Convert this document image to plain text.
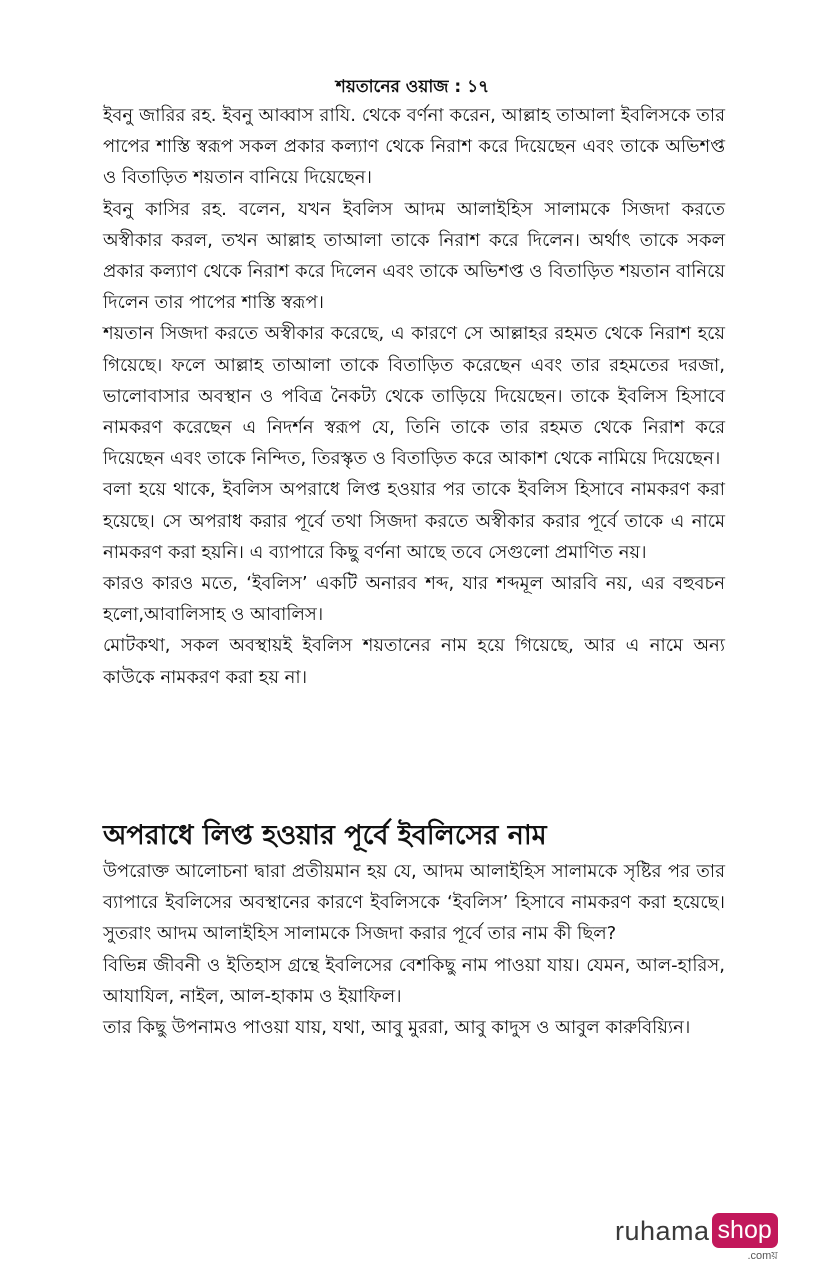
শয়তানের ওয়াজ : ১৭

ইবনু জারির রহ. ইবনু আব্বাস রাযি. থেকে বর্ণনা করেন, আল্লাহ তাআলা ইবলিসকে তার পাপের শাস্তি স্বরূপ সকল প্রকার কল্যাণ থেকে নিরাশ করে দিয়েছেন এবং তাকে অভিশপ্ত ও বিতাড়িত শয়তান বানিয়ে দিয়েছেন।

ইবনু কাসির রহ. বলেন, যখন ইবলিস আদম আলাইহিস সালামকে সিজদা করতে অস্বীকার করল, তখন আল্লাহ তাআলা তাকে নিরাশ করে দিলেন। অর্থাৎ তাকে সকল প্রকার কল্যাণ থেকে নিরাশ করে দিলেন এবং তাকে অভিশপ্ত ও বিতাড়িত শয়তান বানিয়ে দিলেন তার পাপের শাস্তি স্বরূপ।

শয়তান সিজদা করতে অস্বীকার করেছে, এ কারণে সে আল্লাহর রহমত থেকে নিরাশ হয়ে গিয়েছে। ফলে আল্লাহ তাআলা তাকে বিতাড়িত করেছেন এবং তার রহমতের দরজা, ভালোবাসার অবস্থান ও পবিত্র নৈকট্য থেকে তাড়িয়ে দিয়েছেন। তাকে ইবলিস হিসাবে নামকরণ করেছেন এ নিদর্শন স্বরূপ যে, তিনি তাকে তার রহমত থেকে নিরাশ করে দিয়েছেন এবং তাকে নিন্দিত, তিরস্কৃত ও বিতাড়িত করে আকাশ থেকে নামিয়ে দিয়েছেন।

বলা হয়ে থাকে, ইবলিস অপরাধে লিপ্ত হওয়ার পর তাকে ইবলিস হিসাবে নামকরণ করা হয়েছে। সে অপরাধ করার পূর্বে তথা সিজদা করতে অস্বীকার করার পূর্বে তাকে এ নামে নামকরণ করা হয়নি। এ ব্যাপারে কিছু বর্ণনা আছে তবে সেগুলো প্রমাণিত নয়।

কারও কারও মতে, ‘ইবলিস’ একটি অনারব শব্দ, যার শব্দমূল আরবি নয়, এর বহুবচন হলো,আবালিসাহ ও আবালিস।

মোটকথা, সকল অবস্থায়ই ইবলিস শয়তানের নাম হয়ে গিয়েছে, আর এ নামে অন্য কাউকে নামকরণ করা হয় না।

অপরাধে লিপ্ত হওয়ার পূর্বে ইবলিসের নাম

উপরোক্ত আলোচনা দ্বারা প্রতীয়মান হয় যে, আদম আলাইহিস সালামকে সৃষ্টির পর তার ব্যাপারে ইবলিসের অবস্থানের কারণে ইবলিসকে ‘ইবলিস’ হিসাবে নামকরণ করা হয়েছে। সুতরাং আদম আলাইহিস সালামকে সিজদা করার পূর্বে তার নাম কী ছিল?

বিভিন্ন জীবনী ও ইতিহাস গ্রন্থে ইবলিসের বেশকিছু নাম পাওয়া যায়। যেমন, আল-হারিস, আযাযিল, নাইল, আল-হাকাম ও ইয়াফিল।

তার কিছু উপনামও পাওয়া যায়, যথা, আবু মুররা, আবু কাদুস ও আবুল কারুবিয়্যিন।

ruhama shop
.comয়
